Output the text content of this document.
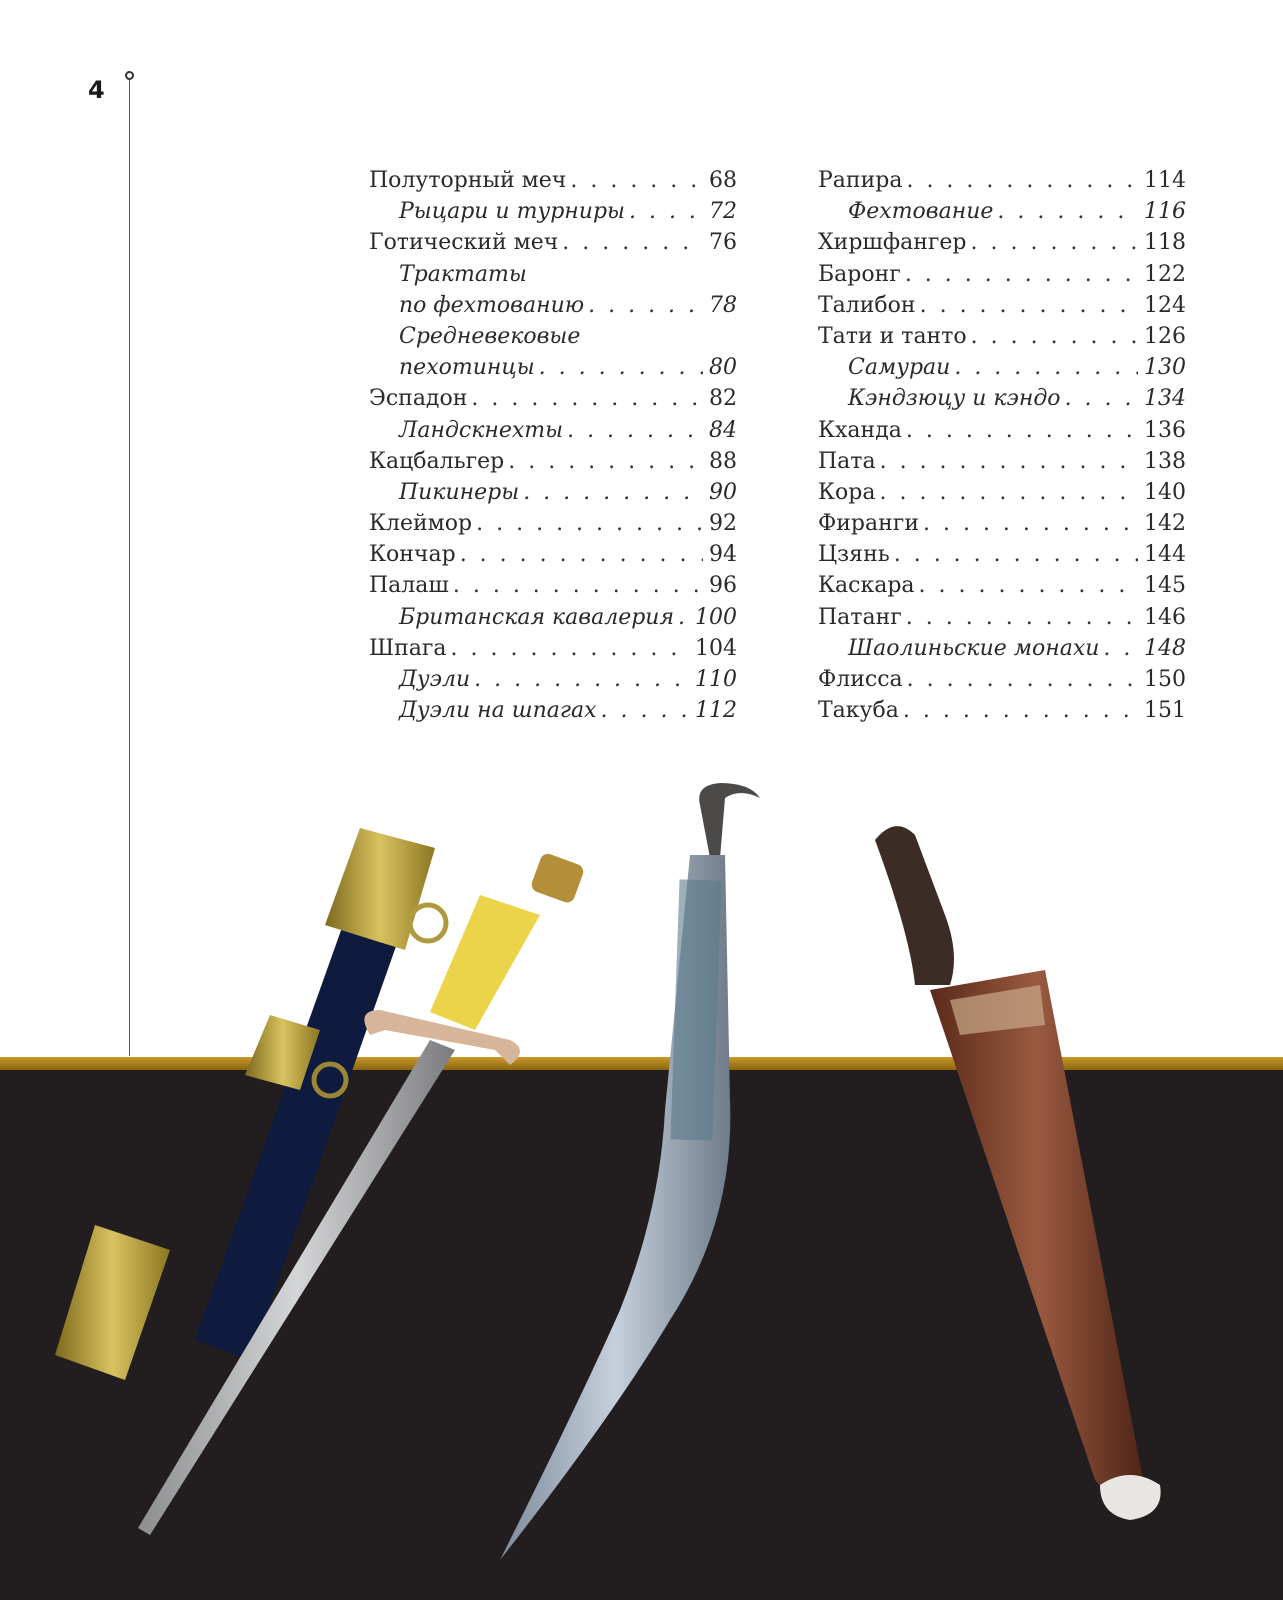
4
Полуторный меч . . .	68
Рыцари и турниры . . .	72
Готический меч . . .	76
Трактаты
по фехтованию . . .	78
Средневековые
пехотинцы . . .	80
Эспадон . . .	82
Ландскнехты . . .	84
Кацбальгер . . .	88
Пикинеры . . .	90
Клеймор . . .	92
Кончар . . .	94
Палаш . . .	96
Британская кавалерия . . . 100
Шпага . . .	104
Дуэли . . .	110
Дуэли на шпагах . . .	112
Рапира . . .	114
Фехтование . . .	116
Хиршфангер . . .	118
Баронг . . .	122
Талибон . . .	124
Тати и танто . . .	126
Самураи . . .	130
Кэндзюцу и кэндо . . .	134
Кханда . . .	136
Пата . . .	138
Кора . . .	140
Фиранги . . .	142
Цзянь . . .	144
Каскара . . .	145
Патанг . . .	146
Шаолиньские монахи . . . 148
Флисса . . .	150
Такуба . . .	151
